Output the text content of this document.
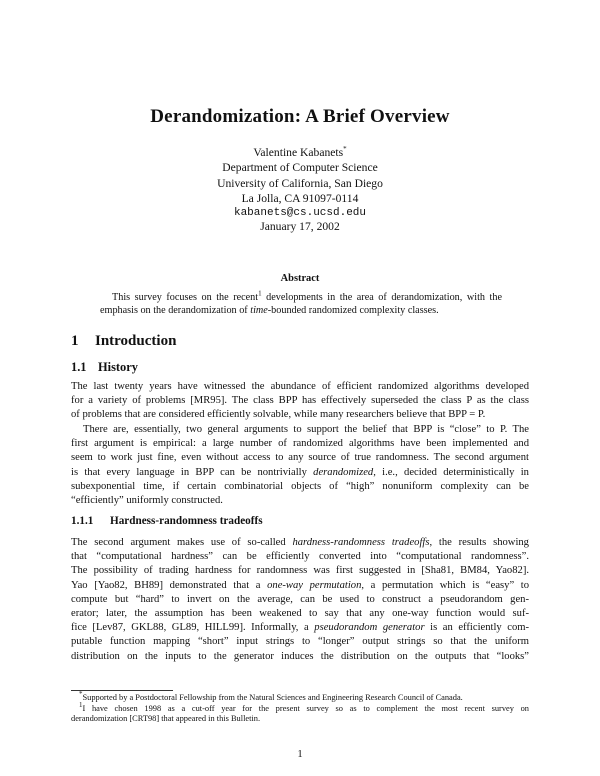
Derandomization: A Brief Overview
Valentine Kabanets*
Department of Computer Science
University of California, San Diego
La Jolla, CA 91097-0114
kabanets@cs.ucsd.edu
January 17, 2002
Abstract
This survey focuses on the recent$^1$ developments in the area of derandomization, with the
emphasis on the derandomization of time-bounded randomized complexity classes.
1 Introduction
1.1 History
The last twenty years have witnessed the abundance of efficient randomized algorithms developed
for a variety of problems [MR95]. The class BPP has effectively superseded the class P as the class
of problems that are considered efficiently solvable, while many researchers believe that BPP = P.
There are, essentially, two general arguments to support the belief that BPP is “close” to P. The
first argument is empirical: a large number of randomized algorithms have been implemented and
seem to work just fine, even without access to any source of true randomness. The second argument
is that every language in BPP can be nontrivially derandomized, i.e., decided deterministically in
subexponential time, if certain combinatorial objects of “high” nonuniform complexity can be
“efficiently” uniformly constructed.
1.1.1 Hardness-randomness tradeoffs
The second argument makes use of so-called hardness-randomness tradeoffs, the results showing
that “computational hardness” can be efficiently converted into “computational randomness”.
The possibility of trading hardness for randomness was first suggested in [Sha81, BM84, Yao82].
Yao [Yao82, BH89] demonstrated that a one-way permutation, a permutation which is “easy” to
compute but “hard” to invert on the average, can be used to construct a pseudorandom gen-
erator; later, the assumption has been weakened to say that any one-way function would suf-
fice [Lev87, GKL88, GL89, HILL99]. Informally, a pseudorandom generator is an efficiently com-
putable function mapping “short” input strings to “longer” output strings so that the uniform
distribution on the inputs to the generator induces the distribution on the outputs that “looks”
*Supported by a Postdoctoral Fellowship from the Natural Sciences and Engineering Research Council of Canada.
$^1$I have chosen 1998 as a cut-off year for the present survey so as to complement the most recent survey on
derandomization [CRT98] that appeared in this Bulletin.
1
